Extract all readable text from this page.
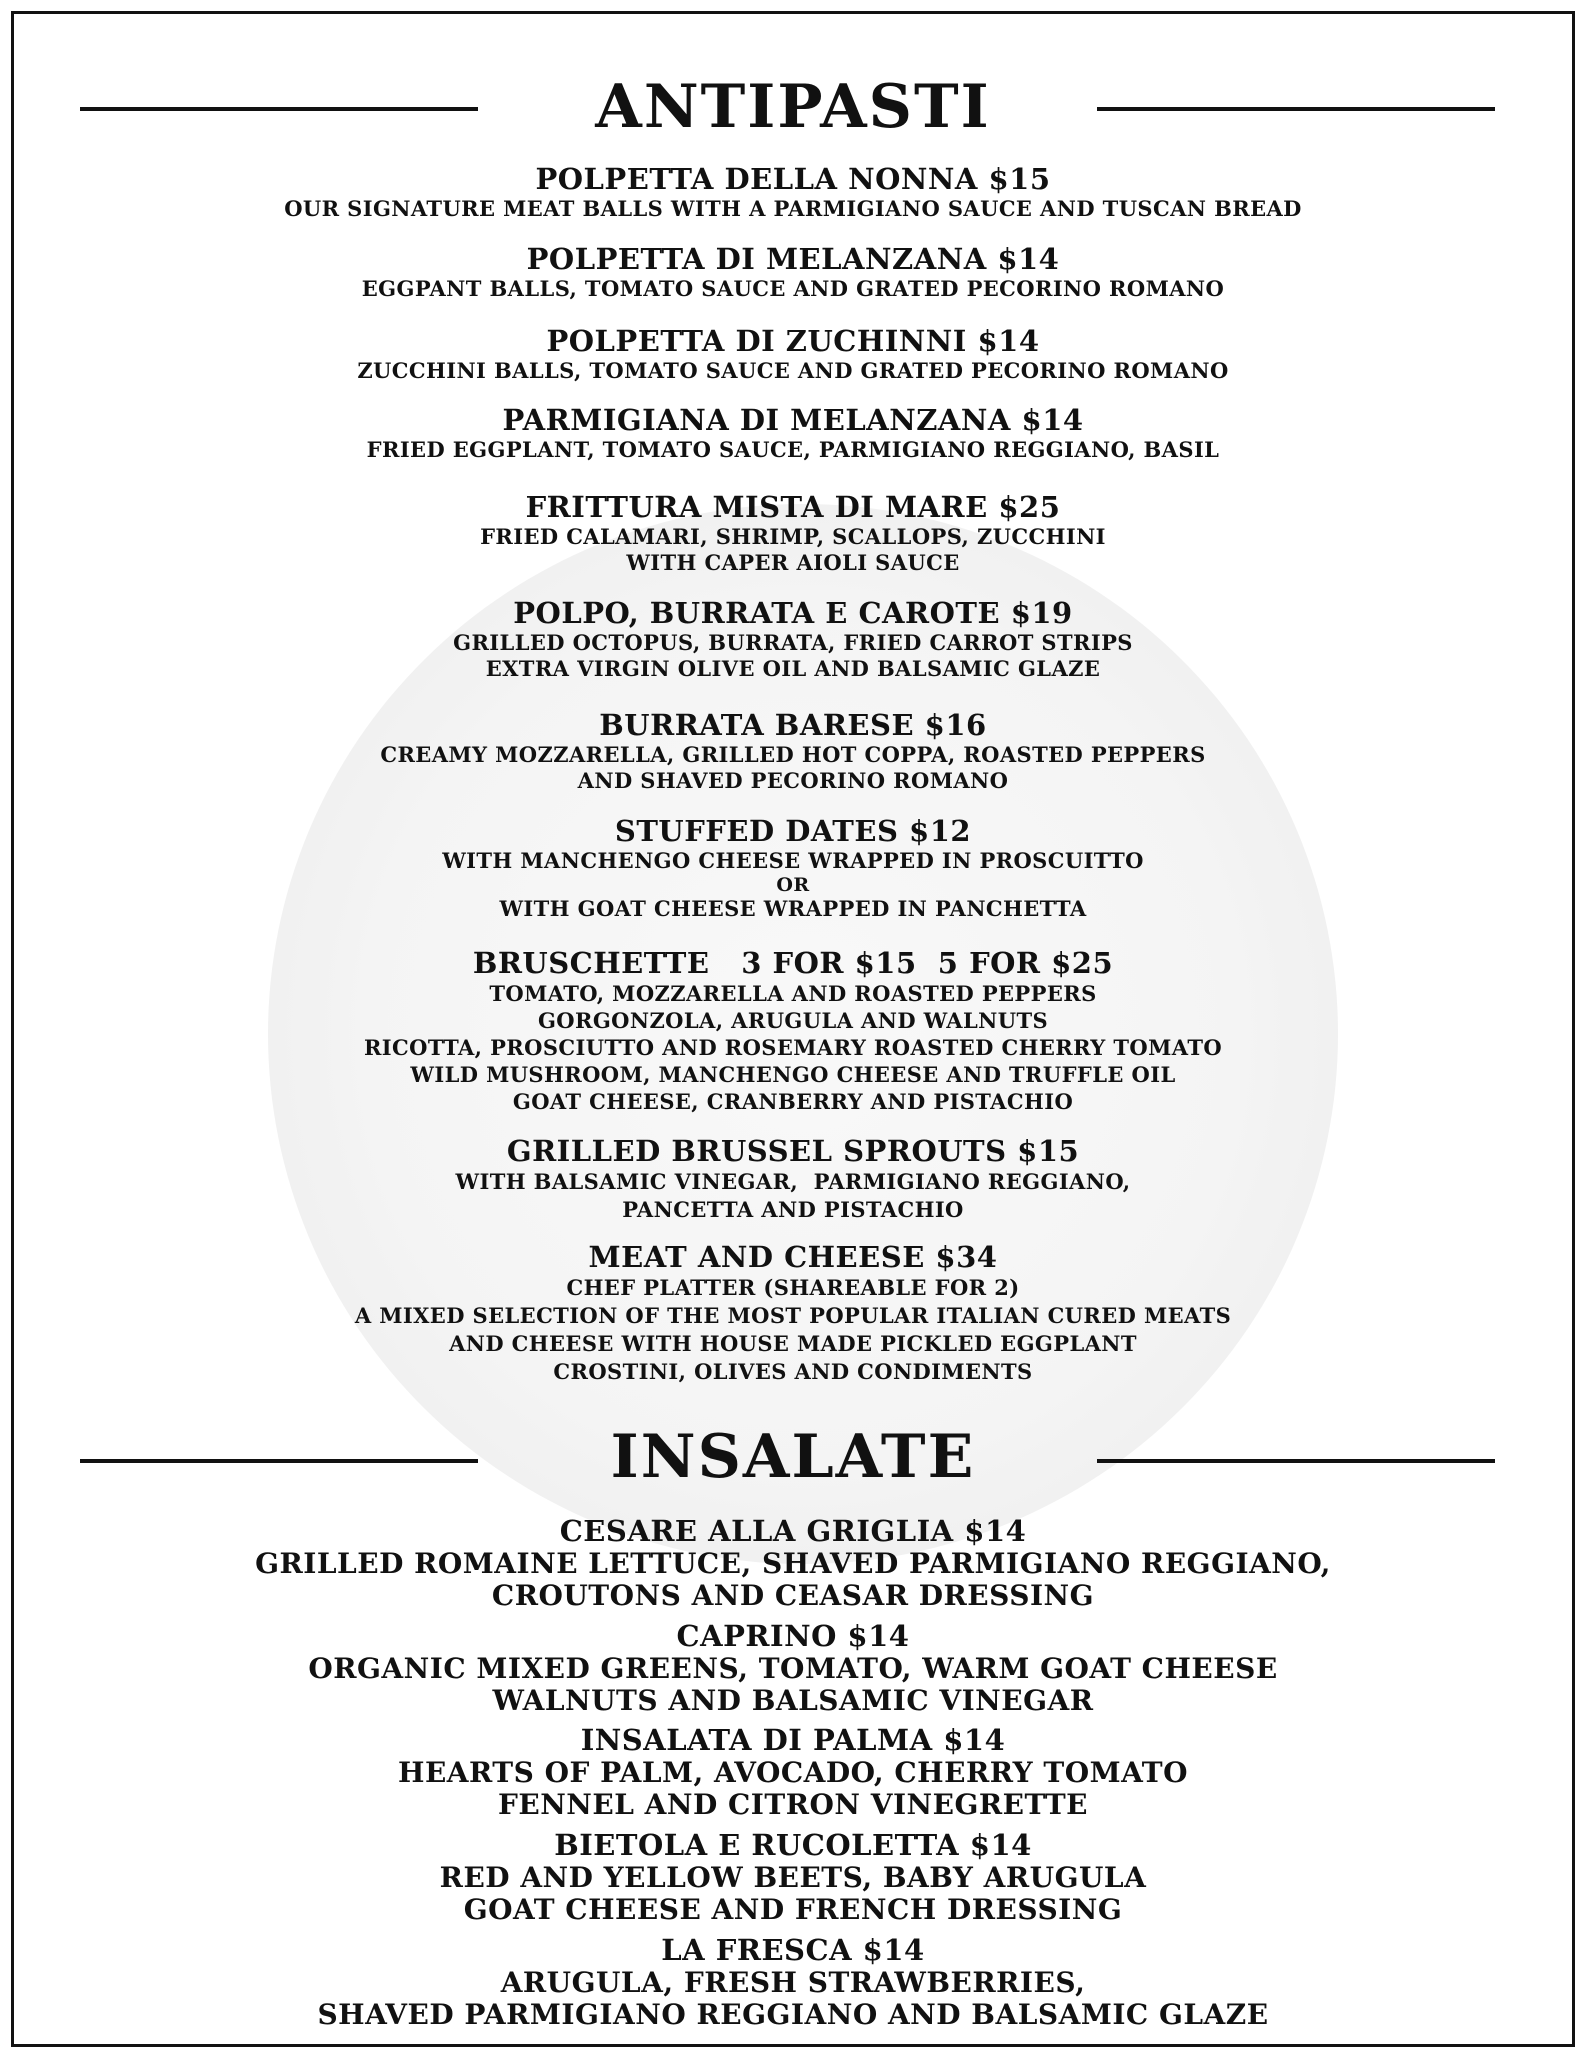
ANTIPASTI
POLPETTA DELLA NONNA $15
OUR SIGNATURE MEAT BALLS WITH A PARMIGIANO SAUCE AND TUSCAN BREAD
POLPETTA DI MELANZANA $14
EGGPANT BALLS, TOMATO SAUCE AND GRATED PECORINO ROMANO
POLPETTA DI ZUCHINNI $14
ZUCCHINI BALLS, TOMATO SAUCE AND GRATED PECORINO ROMANO
PARMIGIANA DI MELANZANA $14
FRIED EGGPLANT, TOMATO SAUCE, PARMIGIANO REGGIANO, BASIL
FRITTURA MISTA DI MARE $25
FRIED CALAMARI, SHRIMP, SCALLOPS, ZUCCHINI
WITH CAPER AIOLI SAUCE
POLPO, BURRATA E CAROTE $19
GRILLED OCTOPUS, BURRATA, FRIED CARROT STRIPS
EXTRA VIRGIN OLIVE OIL AND BALSAMIC GLAZE
BURRATA BARESE $16
CREAMY MOZZARELLA, GRILLED HOT COPPA, ROASTED PEPPERS
AND SHAVED PECORINO ROMANO
STUFFED DATES $12
WITH MANCHENGO CHEESE WRAPPED IN PROSCUITTO
OR
WITH GOAT CHEESE WRAPPED IN PANCHETTA
BRUSCHETTE   3 FOR $15  5 FOR $25
TOMATO, MOZZARELLA AND ROASTED PEPPERS
GORGONZOLA, ARUGULA AND WALNUTS
RICOTTA, PROSCIUTTO AND ROSEMARY ROASTED CHERRY TOMATO
WILD MUSHROOM, MANCHENGO CHEESE AND TRUFFLE OIL
GOAT CHEESE, CRANBERRY AND PISTACHIO
GRILLED BRUSSEL SPROUTS $15
WITH BALSAMIC VINEGAR,  PARMIGIANO REGGIANO,
PANCETTA AND PISTACHIO
MEAT AND CHEESE $34
CHEF PLATTER (SHAREABLE FOR 2)
A MIXED SELECTION OF THE MOST POPULAR ITALIAN CURED MEATS
AND CHEESE WITH HOUSE MADE PICKLED EGGPLANT
CROSTINI, OLIVES AND CONDIMENTS
INSALATE
CESARE ALLA GRIGLIA $14
GRILLED ROMAINE LETTUCE, SHAVED PARMIGIANO REGGIANO,
CROUTONS AND CEASAR DRESSING
CAPRINO $14
ORGANIC MIXED GREENS, TOMATO, WARM GOAT CHEESE
WALNUTS AND BALSAMIC VINEGAR
INSALATA DI PALMA $14
HEARTS OF PALM, AVOCADO, CHERRY TOMATO
FENNEL AND CITRON VINEGRETTE
BIETOLA E RUCOLETTA $14
RED AND YELLOW BEETS, BABY ARUGULA
GOAT CHEESE AND FRENCH DRESSING
LA FRESCA $14
ARUGULA, FRESH STRAWBERRIES,
SHAVED PARMIGIANO REGGIANO AND BALSAMIC GLAZE
